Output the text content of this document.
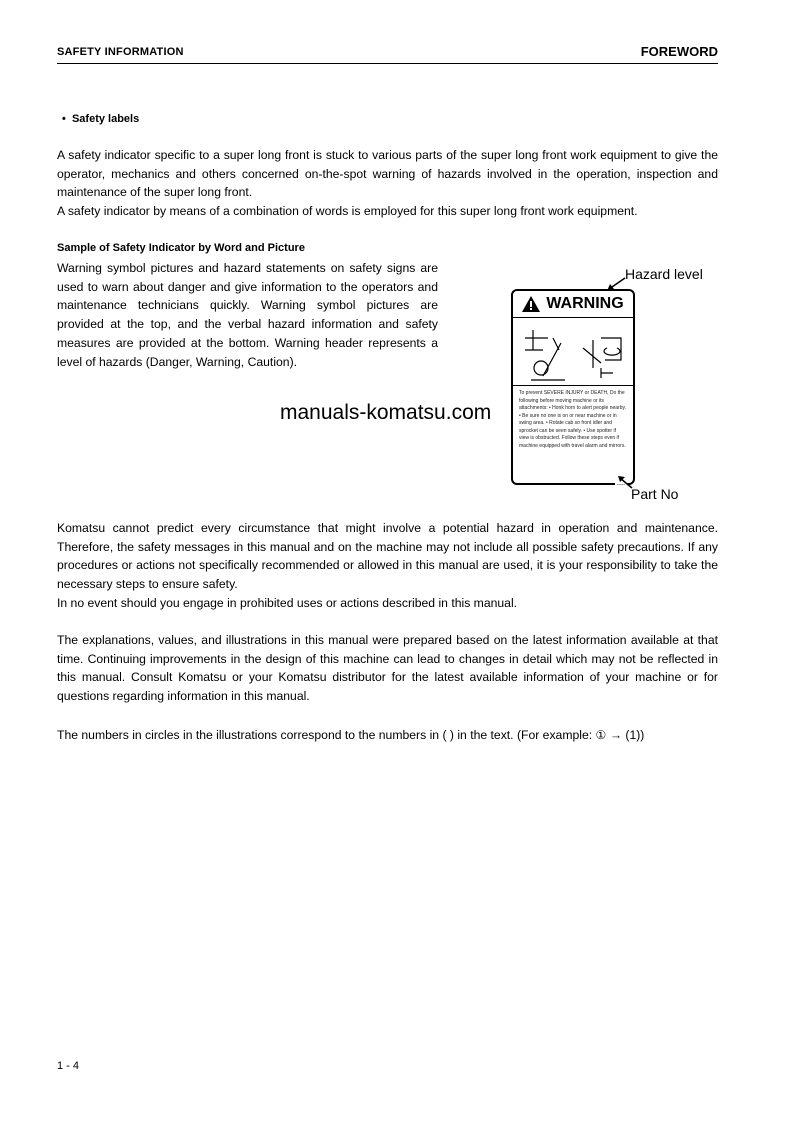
SAFETY INFORMATION	FOREWORD
•  Safety labels
A safety indicator specific to a super long front is stuck to various parts of the super long front work equipment to give the operator, mechanics and others concerned on-the-spot warning of hazards involved in the operation, inspection and maintenance of the super long front.
A safety indicator by means of a combination of words is employed for this super long front work equipment.
Sample of Safety Indicator by Word and Picture
Warning symbol pictures and hazard statements on safety signs are used to warn about danger and give information to the operators and maintenance technicians quickly. Warning symbol pictures are provided at the top, and the verbal hazard information and safety measures are provided at the bottom. Warning header represents a level of hazards (Danger, Warning, Caution).
manuals-komatsu.com
Hazard level
WARNING
To prevent SEVERE INJURY or DEATH, Do the following before moving machine or its attachments: • Honk horn to alert people nearby. • Be sure no one is on or near machine or in swing area. • Rotate cab so front idler and sprocket can be seen safely. • Use spotter if view is obstructed. Follow these steps even if machine equipped with travel alarm and mirrors.
-----
Part No
Komatsu cannot predict every circumstance that might involve a potential hazard in operation and maintenance. Therefore, the safety messages in this manual and on the machine may not include all possible safety precautions. If any procedures or actions not specifically recommended or allowed in this manual are used, it is your responsibility to take the necessary steps to ensure safety.
In no event should you engage in prohibited uses or actions described in this manual.
The explanations, values, and illustrations in this manual were prepared based on the latest information available at that time. Continuing improvements in the design of this machine can lead to changes in detail which may not be reflected in this manual. Consult Komatsu or your Komatsu distributor for the latest available information of your machine or for questions regarding information in this manual.
The numbers in circles in the illustrations correspond to the numbers in ( ) in the text. (For example: ① → (1))
1 - 4
